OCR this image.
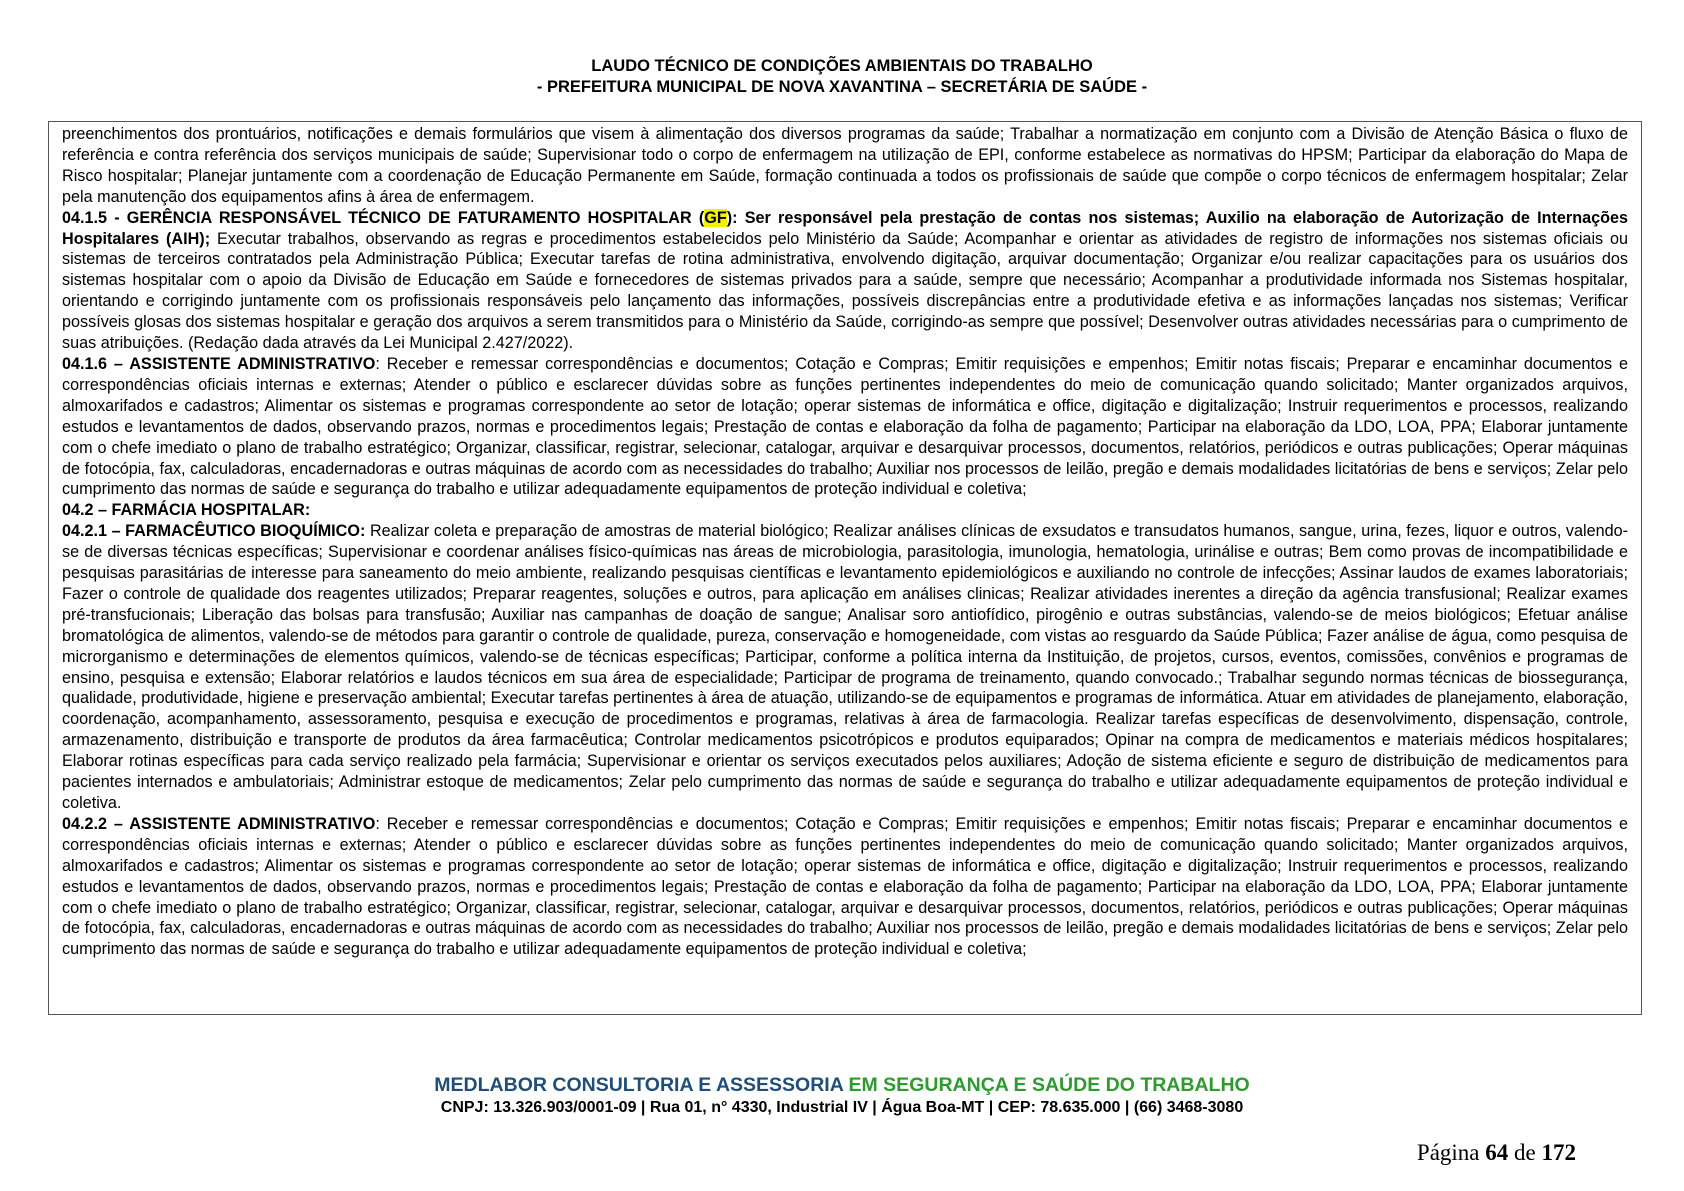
LAUDO TÉCNICO DE CONDIÇÕES AMBIENTAIS DO TRABALHO
- PREFEITURA MUNICIPAL DE NOVA XAVANTINA – SECRETÁRIA DE SAÚDE -

preenchimentos dos prontuários, notificações e demais formulários que visem à alimentação dos diversos programas da saúde; Trabalhar a normatização em conjunto com a Divisão de Atenção Básica o fluxo de referência e contra referência dos serviços municipais de saúde; Supervisionar todo o corpo de enfermagem na utilização de EPI, conforme estabelece as normativas do HPSM; Participar da elaboração do Mapa de Risco hospitalar; Planejar juntamente com a coordenação de Educação Permanente em Saúde, formação continuada a todos os profissionais de saúde que compõe o corpo técnicos de enfermagem hospitalar; Zelar pela manutenção dos equipamentos afins à área de enfermagem.

04.1.5 - GERÊNCIA RESPONSÁVEL TÉCNICO DE FATURAMENTO HOSPITALAR (GF): Ser responsável pela prestação de contas nos sistemas; Auxilio na elaboração de Autorização de Internações Hospitalares (AIH); Executar trabalhos, observando as regras e procedimentos estabelecidos pelo Ministério da Saúde; Acompanhar e orientar as atividades de registro de informações nos sistemas oficiais ou sistemas de terceiros contratados pela Administração Pública; Executar tarefas de rotina administrativa, envolvendo digitação, arquivar documentação; Organizar e/ou realizar capacitações para os usuários dos sistemas hospitalar com o apoio da Divisão de Educação em Saúde e fornecedores de sistemas privados para a saúde, sempre que necessário; Acompanhar a produtividade informada nos Sistemas hospitalar, orientando e corrigindo juntamente com os profissionais responsáveis pelo lançamento das informações, possíveis discrepâncias entre a produtividade efetiva e as informações lançadas nos sistemas; Verificar possíveis glosas dos sistemas hospitalar e geração dos arquivos a serem transmitidos para o Ministério da Saúde, corrigindo-as sempre que possível; Desenvolver outras atividades necessárias para o cumprimento de suas atribuições. (Redação dada através da Lei Municipal 2.427/2022).

04.1.6 – ASSISTENTE ADMINISTRATIVO: Receber e remessar correspondências e documentos; Cotação e Compras; Emitir requisições e empenhos; Emitir notas fiscais; Preparar e encaminhar documentos e correspondências oficiais internas e externas; Atender o público e esclarecer dúvidas sobre as funções pertinentes independentes do meio de comunicação quando solicitado; Manter organizados arquivos, almoxarifados e cadastros; Alimentar os sistemas e programas correspondente ao setor de lotação; operar sistemas de informática e office, digitação e digitalização; Instruir requerimentos e processos, realizando estudos e levantamentos de dados, observando prazos, normas e procedimentos legais; Prestação de contas e elaboração da folha de pagamento; Participar na elaboração da LDO, LOA, PPA; Elaborar juntamente com o chefe imediato o plano de trabalho estratégico; Organizar, classificar, registrar, selecionar, catalogar, arquivar e desarquivar processos, documentos, relatórios, periódicos e outras publicações; Operar máquinas de fotocópia, fax, calculadoras, encadernadoras e outras máquinas de acordo com as necessidades do trabalho; Auxiliar nos processos de leilão, pregão e demais modalidades licitatórias de bens e serviços; Zelar pelo cumprimento das normas de saúde e segurança do trabalho e utilizar adequadamente equipamentos de proteção individual e coletiva;

04.2 – FARMÁCIA HOSPITALAR:

04.2.1 – FARMACÊUTICO BIOQUÍMICO: Realizar coleta e preparação de amostras de material biológico; Realizar análises clínicas de exsudatos e transudatos humanos, sangue, urina, fezes, liquor e outros, valendo-se de diversas técnicas específicas; Supervisionar e coordenar análises físico-químicas nas áreas de microbiologia, parasitologia, imunologia, hematologia, urinálise e outras; Bem como provas de incompatibilidade e pesquisas parasitárias de interesse para saneamento do meio ambiente, realizando pesquisas científicas e levantamento epidemiológicos e auxiliando no controle de infecções; Assinar laudos de exames laboratoriais; Fazer o controle de qualidade dos reagentes utilizados; Preparar reagentes, soluções e outros, para aplicação em análises clinicas; Realizar atividades inerentes a direção da agência transfusional; Realizar exames pré-transfucionais; Liberação das bolsas para transfusão; Auxiliar nas campanhas de doação de sangue; Analisar soro antiofídico, pirogênio e outras substâncias, valendo-se de meios biológicos; Efetuar análise bromatológica de alimentos, valendo-se de métodos para garantir o controle de qualidade, pureza, conservação e homogeneidade, com vistas ao resguardo da Saúde Pública; Fazer análise de água, como pesquisa de microrganismo e determinações de elementos químicos, valendo-se de técnicas específicas; Participar, conforme a política interna da Instituição, de projetos, cursos, eventos, comissões, convênios e programas de ensino, pesquisa e extensão; Elaborar relatórios e laudos técnicos em sua área de especialidade; Participar de programa de treinamento, quando convocado.; Trabalhar segundo normas técnicas de biossegurança, qualidade, produtividade, higiene e preservação ambiental; Executar tarefas pertinentes à área de atuação, utilizando-se de equipamentos e programas de informática. Atuar em atividades de planejamento, elaboração, coordenação, acompanhamento, assessoramento, pesquisa e execução de procedimentos e programas, relativas à área de farmacologia. Realizar tarefas específicas de desenvolvimento, dispensação, controle, armazenamento, distribuição e transporte de produtos da área farmacêutica; Controlar medicamentos psicotrópicos e produtos equiparados; Opinar na compra de medicamentos e materiais médicos hospitalares; Elaborar rotinas específicas para cada serviço realizado pela farmácia; Supervisionar e orientar os serviços executados pelos auxiliares; Adoção de sistema eficiente e seguro de distribuição de medicamentos para pacientes internados e ambulatoriais; Administrar estoque de medicamentos; Zelar pelo cumprimento das normas de saúde e segurança do trabalho e utilizar adequadamente equipamentos de proteção individual e coletiva.

04.2.2 – ASSISTENTE ADMINISTRATIVO: Receber e remessar correspondências e documentos; Cotação e Compras; Emitir requisições e empenhos; Emitir notas fiscais; Preparar e encaminhar documentos e correspondências oficiais internas e externas; Atender o público e esclarecer dúvidas sobre as funções pertinentes independentes do meio de comunicação quando solicitado; Manter organizados arquivos, almoxarifados e cadastros; Alimentar os sistemas e programas correspondente ao setor de lotação; operar sistemas de informática e office, digitação e digitalização; Instruir requerimentos e processos, realizando estudos e levantamentos de dados, observando prazos, normas e procedimentos legais; Prestação de contas e elaboração da folha de pagamento; Participar na elaboração da LDO, LOA, PPA; Elaborar juntamente com o chefe imediato o plano de trabalho estratégico; Organizar, classificar, registrar, selecionar, catalogar, arquivar e desarquivar processos, documentos, relatórios, periódicos e outras publicações; Operar máquinas de fotocópia, fax, calculadoras, encadernadoras e outras máquinas de acordo com as necessidades do trabalho; Auxiliar nos processos de leilão, pregão e demais modalidades licitatórias de bens e serviços; Zelar pelo cumprimento das normas de saúde e segurança do trabalho e utilizar adequadamente equipamentos de proteção individual e coletiva;

MEDLABOR CONSULTORIA E ASSESSORIA EM SEGURANÇA E SAÚDE DO TRABALHO
CNPJ: 13.326.903/0001-09 | Rua 01, n° 4330, Industrial IV | Água Boa-MT | CEP: 78.635.000 | (66) 3468-3080
Página 64 de 172
